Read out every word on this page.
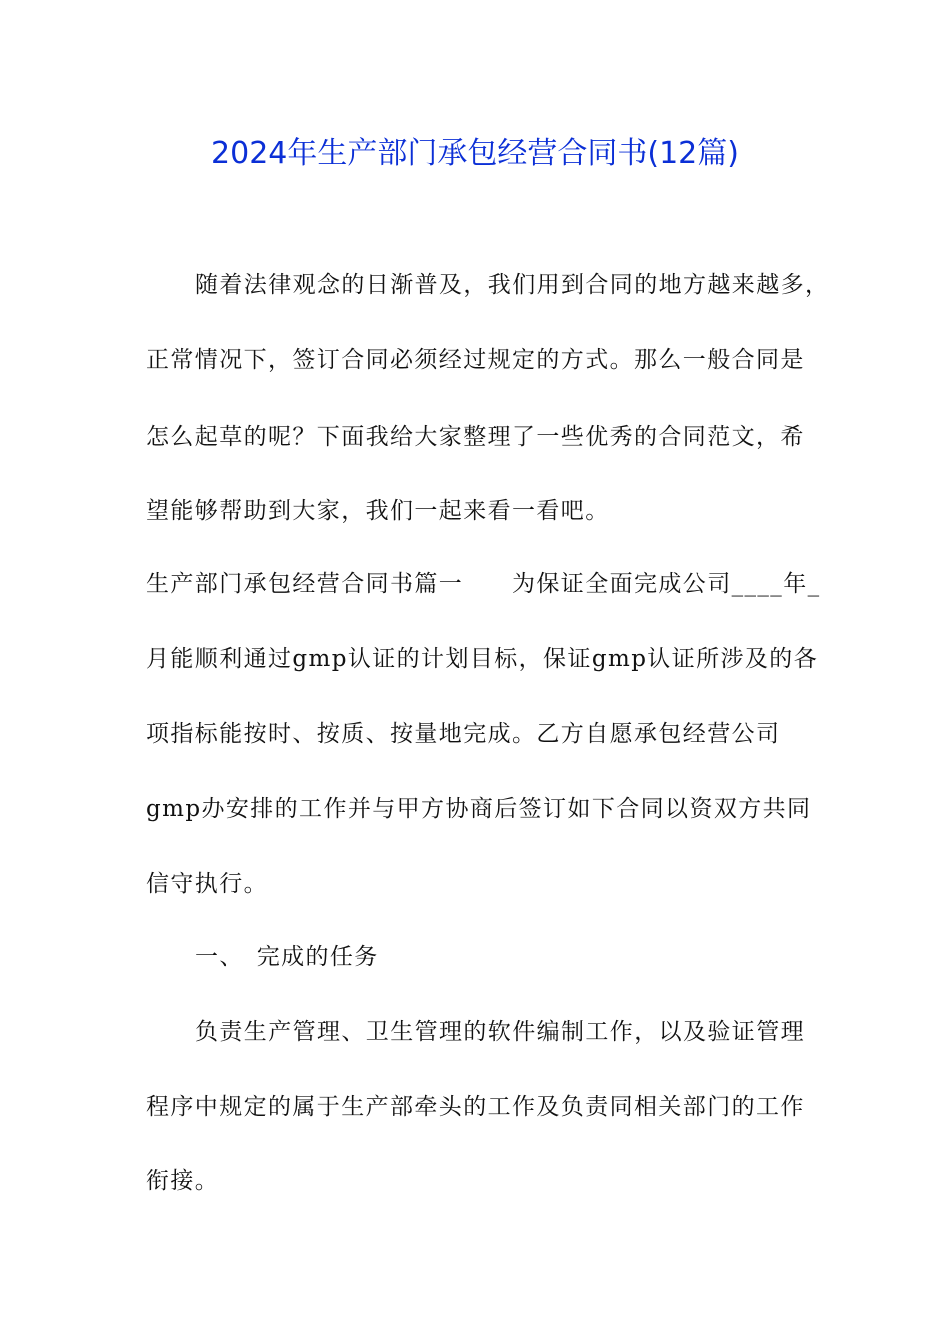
2024年生产部门承包经营合同书(12篇)
随着法律观念的日渐普及，我们用到合同的地方越来越多，
正常情况下，签订合同必须经过规定的方式。那么一般合同是
怎么起草的呢？下面我给大家整理了一些优秀的合同范文，希
望能够帮助到大家，我们一起来看一看吧。
生产部门承包经营合同书篇一　　为保证全面完成公司____年_
月能顺利通过gmp认证的计划目标，保证gmp认证所涉及的各
项指标能按时、按质、按量地完成。乙方自愿承包经营公司
gmp办安排的工作并与甲方协商后签订如下合同以资双方共同
信守执行。
一、　完成的任务
负责生产管理、卫生管理的软件编制工作，以及验证管理
程序中规定的属于生产部牵头的工作及负责同相关部门的工作
衔接。
